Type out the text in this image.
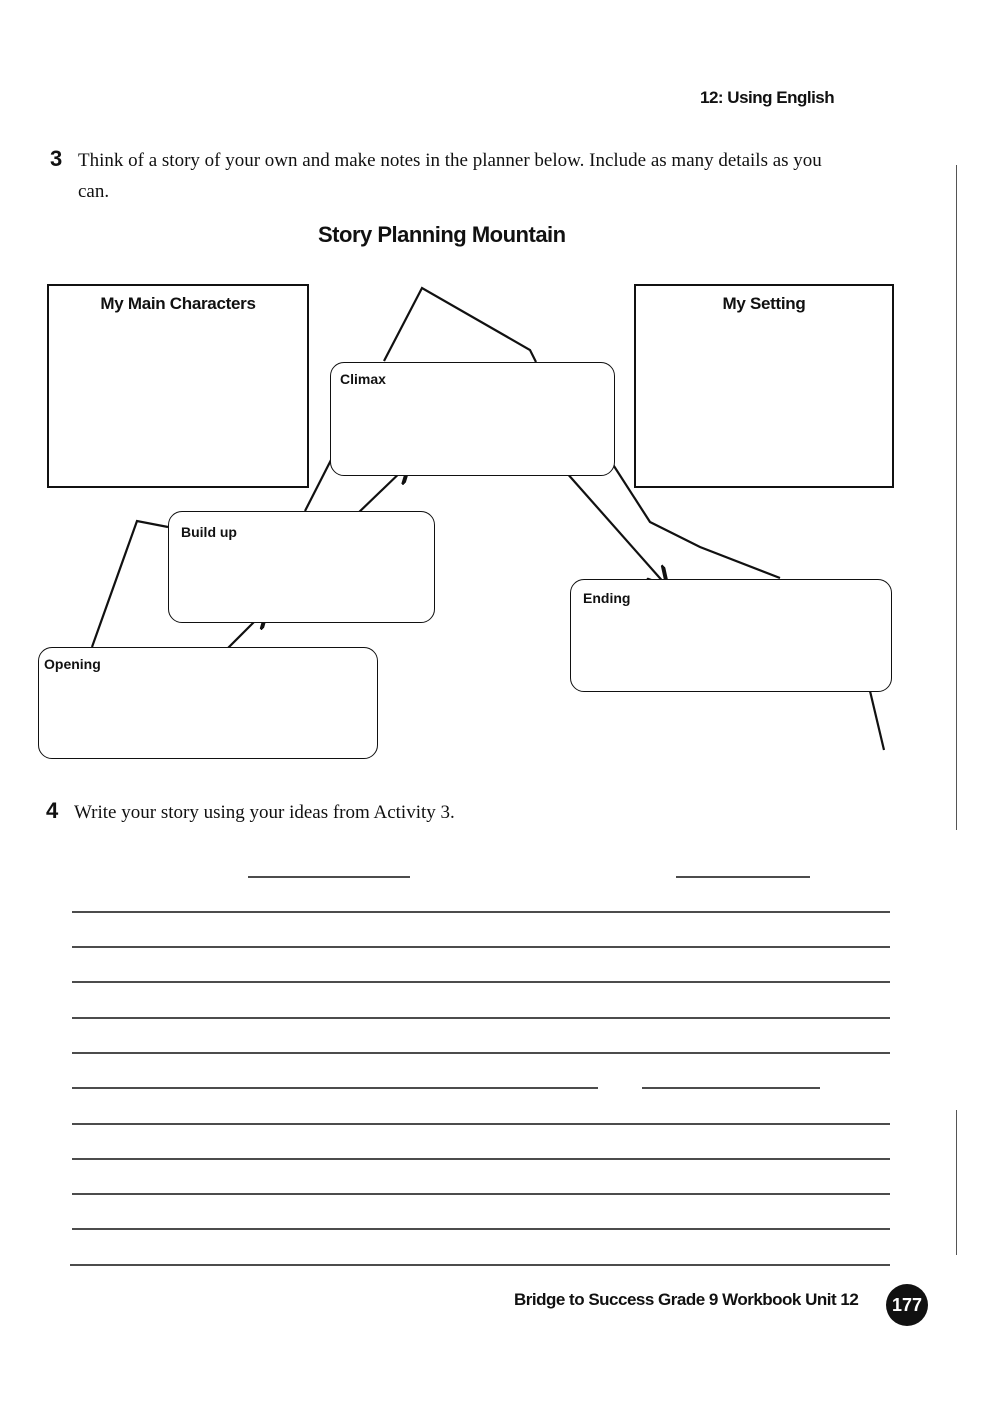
12: Using English
3 Think of a story of your own and make notes in the planner below. Include as many details as you can.
Story Planning Mountain
My Main Characters	My Setting
Climax
Build up
Ending
Opening
4 Write your story using your ideas from Activity 3.
Bridge to Success Grade 9 Workbook Unit 12	177
